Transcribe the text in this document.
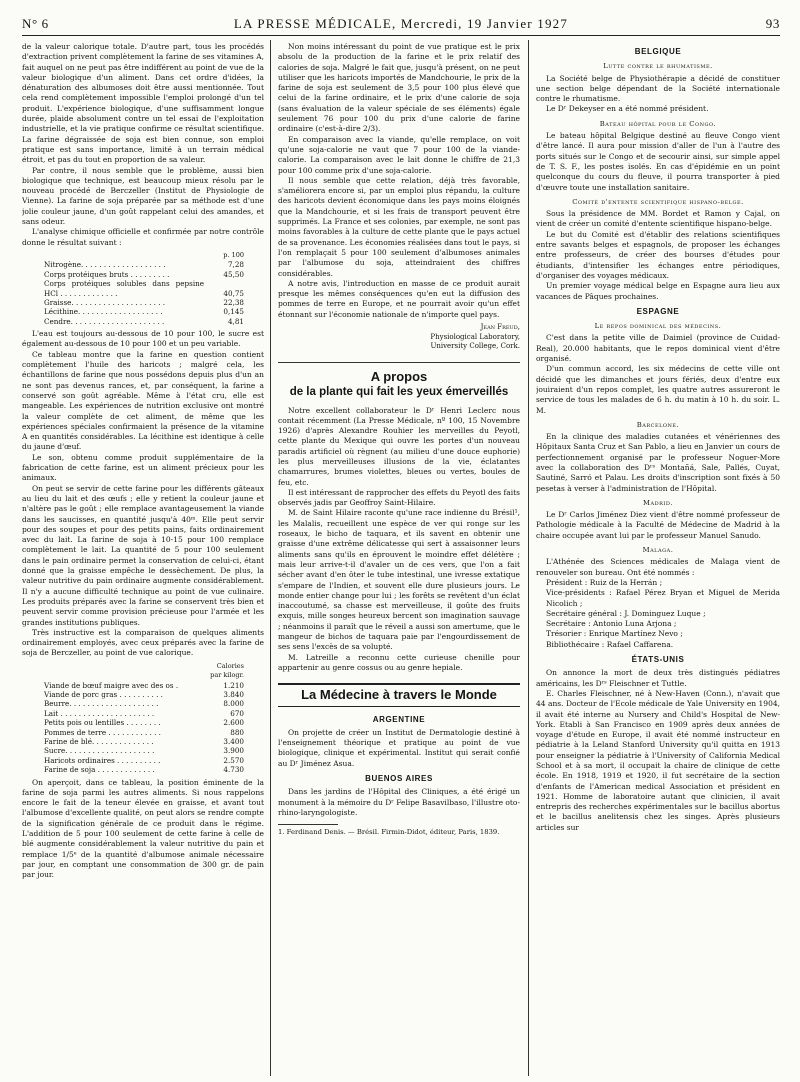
N° 6	LA PRESSE MÉDICALE, Mercredi, 19 Janvier 1927	93

de la valeur calorique totale. D'autre part, tous les procédés d'extraction privent complètement la farine de ses vitamines A, fait auquel on ne peut pas être indifférent au point de vue de la valeur biologique d'un aliment. Dans cet ordre d'idées, la dénaturation des albumoses doit être aussi mentionnée. Tout cela rend complètement impossible l'emploi prolongé d'un tel produit. L'expérience biologique, d'une suffisamment longue durée, plaide absolument contre un tel essai de l'exploitation industrielle, et la vie pratique confirme ce résultat scientifique. La farine dégraissée de soja est bien connue, son emploi pratique est sans importance, limité à un terrain médical étroit, et pas du tout en proportion de sa valeur.

Par contre, il nous semble que le problème, aussi bien biologique que technique, est beaucoup mieux résolu par le nouveau procédé de Berczeller (Institut de Physiologie de Vienne). La farine de soja préparée par sa méthode est d'une jolie couleur jaune, d'un goût rappelant celui des amandes, et sans odeur.

L'analyse chimique officielle et confirmée par notre contrôle donne le résultat suivant :

	p. 100
Nitrogène. . . . . . . . . . . . . . . . . . .	7,28
Corps protéiques bruts . . . . . . . . .	45,50
Corps protéiques solubles dans pepsine HCl . . . . . . . . . . . . .	40,75
Graisse. . . . . . . . . . . . . . . . . . . . .	22,38
Lécithine. . . . . . . . . . . . . . . . . . .	0,145
Cendre. . . . . . . . . . . . . . . . . . . . .	4,81

L'eau est toujours au-dessous de 10 pour 100, le sucre est également au-dessous de 10 pour 100 et un peu variable.

Ce tableau montre que la farine en question contient complètement l'huile des haricots ; malgré cela, les échantillons de farine que nous possédons depuis plus d'un an ne sont pas devenus rances, et, par conséquent, la farine a conservé son goût agréable. Même à l'état cru, elle est mangeable. Les expériences de nutrition exclusive ont montré la valeur complète de cet aliment, de même que les expériences spéciales confirmaient la présence de la vitamine A en quantités considérables. La lécithine est identique à celle du jaune d'œuf.

Le son, obtenu comme produit supplémentaire de la fabrication de cette farine, est un aliment précieux pour les animaux.

On peut se servir de cette farine pour les différents gâteaux au lieu du lait et des œufs ; elle y retient la couleur jaune et n'altère pas le goût ; elle remplace avantageusement la viande dans les saucisses, en quantité jusqu'à 40ᵐ. Elle peut servir pour des soupes et pour des petits pains, faits ordinairement avec du lait. La farine de soja à 10-15 pour 100 remplace complètement le lait. La quantité de 5 pour 100 seulement dans le pain ordinaire permet la conservation de celui-ci, étant donné que la graisse empêche le dessèchement. De plus, la valeur nutritive du pain ordinaire augmente considérablement. Il n'y a aucune difficulté technique au point de vue culinaire. Les produits préparés avec la farine se conservent très bien et peuvent servir comme provision précieuse pour l'armée et les grandes institutions publiques.

Très instructive est la comparaison de quelques aliments ordinairement employés, avec ceux préparés avec la farine de soja de Berczeller, au point de vue calorique.

	Calories
	par kilogr.
Viande de bœuf maigre avec des os .	1.210
Viande de porc gras . . . . . . . . . .	3.840
Beurre. . . . . . . . . . . . . . . . . . . .	8.000
Lait . . . . . . . . . . . . . . . . . . . . .	670
Petits pois ou lentilles . . . . . . . .	2.600
Pommes de terre . . . . . . . . . . . .	880
Farine de blé. . . . . . . . . . . . . .	3.400
Sucre. . . . . . . . . . . . . . . . . . . .	3.900
Haricots ordinaires . . . . . . . . . .	2.570
Farine de soja . . . . . . . . . . . . .	4.730

On aperçoit, dans ce tableau, la position éminente de la farine de soja parmi les autres aliments. Si nous rappelons encore le fait de la teneur élevée en graisse, et avant tout l'albumose d'excellente qualité, on peut alors se rendre compte de la signification générale de ce produit dans le régime. L'addition de 5 pour 100 seulement de cette farine à celle de blé augmente considérablement la valeur nutritive du pain et remplace 1/5ᵉ de la quantité d'albumose animale nécessaire par jour, en comptant une consommation de 300 gr. de pain par jour.

Non moins intéressant du point de vue pratique est le prix absolu de la production de la farine et le prix relatif des calories de soja. Malgré le fait que, jusqu'à présent, on ne peut utiliser que les haricots importés de Mandchourie, le prix de la farine de soja est seulement de 3,5 pour 100 plus élevé que celui de la farine ordinaire, et le prix d'une calorie de soja (sans évaluation de la valeur spéciale de ses éléments) égale seulement 76 pour 100 du prix d'une calorie de farine ordinaire (c'est-à-dire 2/3).

En comparaison avec la viande, qu'elle remplace, on voit qu'une soja-calorie ne vaut que 7 pour 100 de la viande-calorie. La comparaison avec le lait donne le chiffre de 21,3 pour 100 comme prix d'une soja-calorie.

Il nous semble que cette relation, déjà très favorable, s'améliorera encore si, par un emploi plus répandu, la culture des haricots devient économique dans les pays moins éloignés que la Mandchourie, et si les frais de transport peuvent être supprimés. La France et ses colonies, par exemple, ne sont pas moins favorables à la culture de cette plante que le pays actuel de sa provenance. Les économies réalisées dans tout le pays, si l'on remplaçait 5 pour 100 seulement d'albumoses animales par l'albumose du soja, atteindraient des chiffres considérables.

A notre avis, l'introduction en masse de ce produit aurait presque les mêmes conséquences qu'en eut la diffusion des pommes de terre en Europe, et ne pourrait avoir qu'un effet étonnant sur l'économie nationale de n'importe quel pays.

Jean Freud,
Physiological Laboratory,
University College, Cork.
A propos
de la plante qui fait les yeux émerveillés

Notre excellent collaborateur le Dʳ Henri Leclerc nous contait récemment (La Presse Médicale, nº 100, 15 Novembre 1926) d'après Alexandre Rouhier les merveilles du Peyotl, cette plante du Mexique qui ouvre les portes d'un nouveau paradis artificiel où règnent (au milieu d'une douce euphorie) les plus merveilleuses illusions de la vie, éclatantes chamarrures, brumes violettes, bleues ou vertes, boules de feu, etc.

Il est intéressant de rapprocher des effets du Peyotl des faits observés jadis par Geoffroy Saint-Hilaire.

M. de Saint Hilaire raconte qu'une race indienne du Brésil¹, les Malalis, recueillent une espèce de ver qui ronge sur les roseaux, le bicho de taquara, et ils savent en obtenir une graisse d'une extrême délicatesse qui sert à assaisonner leurs aliments sans qu'ils en éprouvent le moindre effet délétère ; mais leur arrive-t-il d'avaler un de ces vers, que l'on a fait sécher avant d'en ôter le tube intestinal, une ivresse extatique s'empare de l'Indien, et souvent elle dure plusieurs jours. Le monde entier change pour lui ; les forêts se revêtent d'un éclat inaccoutumé, sa chasse est merveilleuse, il goûte des fruits exquis, mille songes heureux bercent son imagination sauvage ; néanmoins il paraît que le réveil a aussi son amertume, que le mangeur de bichos de taquara paie par l'engourdissement de ses sens l'excès de sa volupté.

M. Latreille a reconnu cette curieuse chenille pour appartenir au genre cossus ou au genre hepiale.

La Médecine à travers le Monde
ARGENTINE

On projette de créer un Institut de Dermatologie destiné à l'enseignement théorique et pratique au point de vue biologique, clinique et expérimental. Institut qui serait confié au Dʳ Jiménez Asua.

BUENOS AIRES

Dans les jardins de l'Hôpital des Cliniques, a été érigé un monument à la mémoire du Dʳ Felipe Basavilbaso, l'illustre oto-rhino-laryngologiste.

1. Ferdinand Denis. — Brésil. Firmin-Didot, éditeur, Paris, 1839.

BELGIQUE
Lutte contre le rhumatisme.

La Société belge de Physiothérapie a décidé de constituer une section belge dépendant de la Société internationale contre le rhumatisme.

Le Dʳ Dekeyser en a été nommé président.

Bateau hôpital pour le Congo.

Le bateau hôpital Belgique destiné au fleuve Congo vient d'être lancé. Il aura pour mission d'aller de l'un à l'autre des ports situés sur le Congo et de secourir ainsi, sur simple appel de T. S. F., les postes isolés. En cas d'épidémie en un point quelconque du cours du fleuve, il pourra transporter à pied d'œuvre toute une installation sanitaire.

Comité d'entente scientifique hispano-belge.

Sous la présidence de MM. Bordet et Ramon y Cajal, on vient de créer un comité d'entente scientifique hispano-belge.

Le but du Comité est d'établir des relations scientifiques entre savants belges et espagnols, de proposer les échanges entre professeurs, de créer des bourses d'études pour étudiants, d'intensifier les échanges entre périodiques, d'organiser des voyages médicaux.

Un premier voyage médical belge en Espagne aura lieu aux vacances de Pâques prochaines.

ESPAGNE
Le repos dominical des médecins.

C'est dans la petite ville de Daimiel (province de Cuidad-Real), 20.000 habitants, que le repos dominical vient d'être organisé.

D'un commun accord, les six médecins de cette ville ont décidé que les dimanches et jours fériés, deux d'entre eux jouiraient d'un repos complet, les quatre autres assureront le service de tous les malades de 6 h. du matin à 10 h. du soir. L. M.

Barcelone.

En la clinique des maladies cutanées et vénériennes des Hôpitaux Santa Cruz et San Pablo, a lieu en Janvier un cours de perfectionnement organisé par le professeur Noguer-More avec la collaboration des Dʳˢ Montañá, Sale, Pallés, Cuyat, Sautiné, Sarró et Palau. Les droits d'inscription sont fixés à 50 pesetas à verser à l'administration de l'Hôpital.

Madrid.

Le Dʳ Carlos Jiménez Diez vient d'être nommé professeur de Pathologie médicale à la Faculté de Médecine de Madrid à la chaire occupée avant lui par le professeur Manuel Sanudo.

Malaga.

L'Athénée des Sciences médicales de Malaga vient de renouveler son bureau. Ont été nommés :

Président : Ruiz de la Herrán ;

Vice-présidents : Rafael Pérez Bryan et Miguel de Merida Nicolich ;

Secrétaire général : J. Dominguez Luque ;

Secrétaire : Antonio Luna Arjona ;

Trésorier : Enrique Martínez Nevo ;

Bibliothécaire : Rafael Caffarena.

ÉTATS-UNIS

On annonce la mort de deux très distingués pédiatres américains, les Dʳˢ Fleischner et Tuttle.

E. Charles Fleischner, né à New-Haven (Conn.), n'avait que 44 ans. Docteur de l'Ecole médicale de Yale University en 1904, il avait été interne au Nursery and Child's Hospital de New-York. Etabli à San Francisco en 1909 après deux années de voyage d'étude en Europe, il avait été nommé instructeur en pédiatrie à la Leland Stanford University qu'il quitta en 1913 pour enseigner la pédiatrie à l'University of California Medical School et à sa mort, il occupait la chaire de clinique de cette école. En 1918, 1919 et 1920, il fut secrétaire de la section d'enfants de l'American medical Association et président en 1921. Homme de laboratoire autant que clinicien, il avait entrepris des recherches expérimentales sur le bacillus abortus et le bacillus anelitensis chez les singes. Après plusieurs articles sur
